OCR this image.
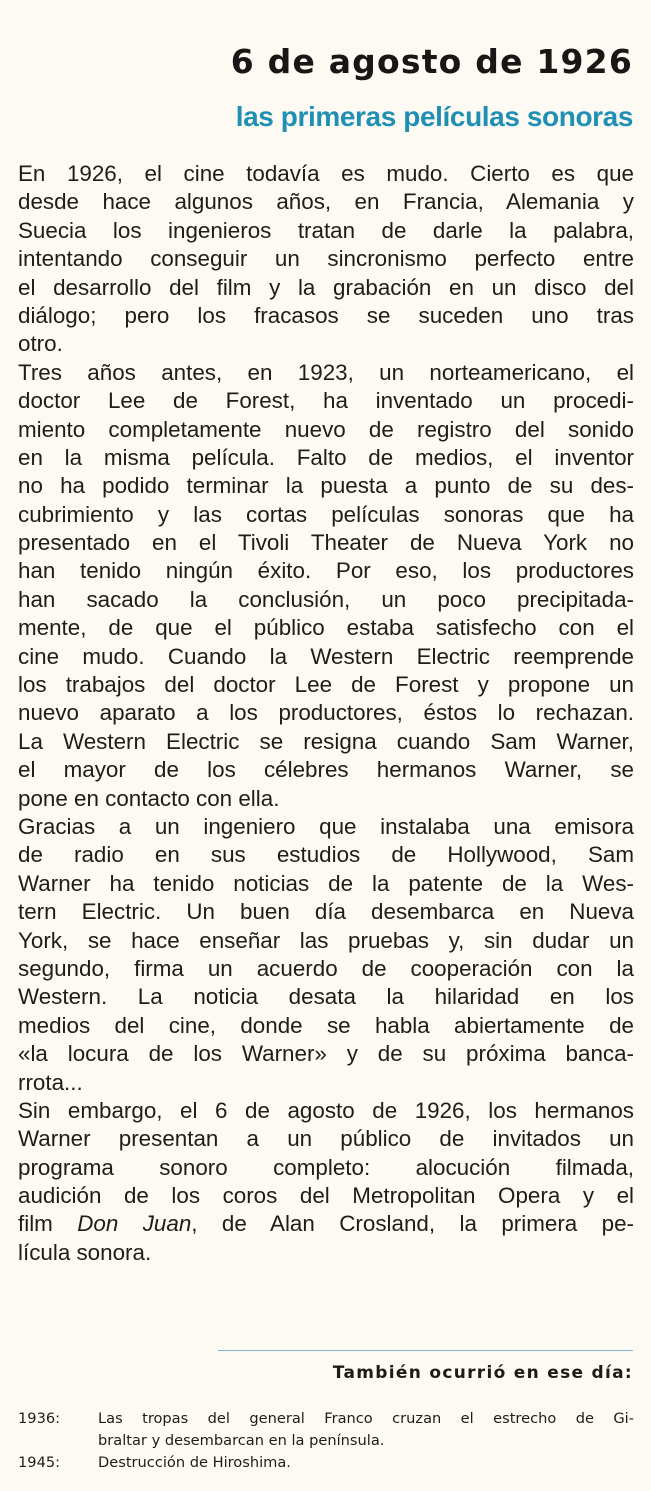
6 de agosto de 1926
las primeras películas sonoras
En 1926, el cine todavía es mudo. Cierto es que
desde hace algunos años, en Francia, Alemania y
Suecia los ingenieros tratan de darle la palabra,
intentando conseguir un sincronismo perfecto entre
el desarrollo del film y la grabación en un disco del
diálogo; pero los fracasos se suceden uno tras
otro.
Tres años antes, en 1923, un norteamericano, el
doctor Lee de Forest, ha inventado un procedi-
miento completamente nuevo de registro del sonido
en la misma película. Falto de medios, el inventor
no ha podido terminar la puesta a punto de su des-
cubrimiento y las cortas películas sonoras que ha
presentado en el Tivoli Theater de Nueva York no
han tenido ningún éxito. Por eso, los productores
han sacado la conclusión, un poco precipitada-
mente, de que el público estaba satisfecho con el
cine mudo. Cuando la Western Electric reemprende
los trabajos del doctor Lee de Forest y propone un
nuevo aparato a los productores, éstos lo rechazan.
La Western Electric se resigna cuando Sam Warner,
el mayor de los célebres hermanos Warner, se
pone en contacto con ella.
Gracias a un ingeniero que instalaba una emisora
de radio en sus estudios de Hollywood, Sam
Warner ha tenido noticias de la patente de la Wes-
tern Electric. Un buen día desembarca en Nueva
York, se hace enseñar las pruebas y, sin dudar un
segundo, firma un acuerdo de cooperación con la
Western. La noticia desata la hilaridad en los
medios del cine, donde se habla abiertamente de
«la locura de los Warner» y de su próxima banca-
rrota...
Sin embargo, el 6 de agosto de 1926, los hermanos
Warner presentan a un público de invitados un
programa sonoro completo: alocución filmada,
audición de los coros del Metropolitan Opera y el
film Don Juan, de Alan Crosland, la primera pe-
lícula sonora.
También ocurrió en ese día:
1936:	Las tropas del general Franco cruzan el estrecho de Gi-
braltar y desembarcan en la península.
1945:	Destrucción de Hiroshima.
